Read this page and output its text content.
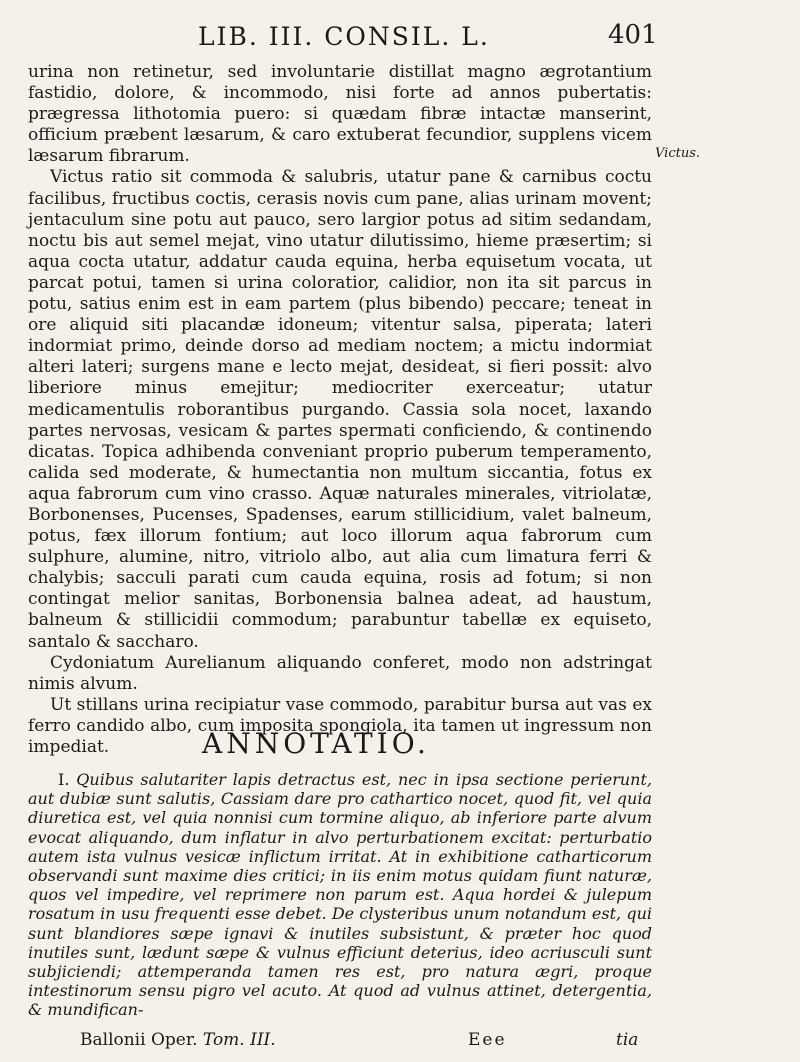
LIB. III. CONSIL. L.	401
Victus.

urina non retinetur, sed involuntarie distillat magno ægrotantium fastidio, dolore, & incommodo, nisi forte ad annos pubertatis: prægressa lithotomia puero: si quædam fibræ intactæ manserint, officium præbent læsarum, & caro extuberat fecundior, supplens vicem læsarum fibrarum.

Victus ratio sit commoda & salubris, utatur pane & carnibus coctu facilibus, fructibus coctis, cerasis novis cum pane, alias urinam movent; jentaculum sine potu aut pauco, sero largior potus ad sitim sedandam, noctu bis aut semel mejat, vino utatur dilutissimo, hieme præsertim; si aqua cocta utatur, addatur cauda equina, herba equisetum vocata, ut parcat potui, tamen si urina coloratior, calidior, non ita sit parcus in potu, satius enim est in eam partem (plus bibendo) peccare; teneat in ore aliquid siti placandæ idoneum; vitentur salsa, piperata; lateri indormiat primo, deinde dorso ad mediam noctem; a mictu indormiat alteri lateri; surgens mane e lecto mejat, desideat, si fieri possit: alvo liberiore minus emejitur; mediocriter exerceatur; utatur medicamentulis roborantibus purgando. Cassia sola nocet, laxando partes nervosas, vesicam & partes spermati conficiendo, & continendo dicatas. Topica adhibenda conveniant proprio puberum temperamento, calida sed moderate, & humectantia non multum siccantia, fotus ex aqua fabrorum cum vino crasso. Aquæ naturales minerales, vitriolatæ, Borbonenses, Pucenses, Spadenses, earum stillicidium, valet balneum, potus, fæx illorum fontium; aut loco illorum aqua fabrorum cum sulphure, alumine, nitro, vitriolo albo, aut alia cum limatura ferri & chalybis; sacculi parati cum cauda equina, rosis ad fotum; si non contingat melior sanitas, Borbonensia balnea adeat, ad haustum, balneum & stillicidii commodum; parabuntur tabellæ ex equiseto, santalo & saccharo.

Cydoniatum Aurelianum aliquando conferet, modo non adstringat nimis alvum.

Ut stillans urina recipiatur vase commodo, parabitur bursa aut vas ex ferro candido albo, cum imposita spongiola, ita tamen ut ingressum non impediat.	ANNOTATIO.

I. Quibus salutariter lapis detractus est, nec in ipsa sectione perierunt, aut dubiæ sunt salutis, Cassiam dare pro cathartico nocet, quod fit, vel quia diuretica est, vel quia nonnisi cum tormine aliquo, ab inferiore parte alvum evocat aliquando, dum inflatur in alvo perturbationem excitat: perturbatio autem ista vulnus vesicæ inflictum irritat. At in exhibitione catharticorum observandi sunt maxime dies critici; in iis enim motus quidam fiunt naturæ, quos vel impedire, vel reprimere non parum est. Aqua hordei & julepum rosatum in usu frequenti esse debet. De clysteribus unum notandum est, qui sunt blandiores sæpe ignavi & inutiles subsistunt, & præter hoc quod inutiles sunt, lædunt sæpe & vulnus efficiunt deterius, ideo acriusculi sunt subjiciendi; attemperanda tamen res est, pro natura ægri, proque intestinorum sensu pigro vel acuto. At quod ad vulnus attinet, detergentia, & mundifican-

Ballonii Oper. Tom. III.	Eee	tia
